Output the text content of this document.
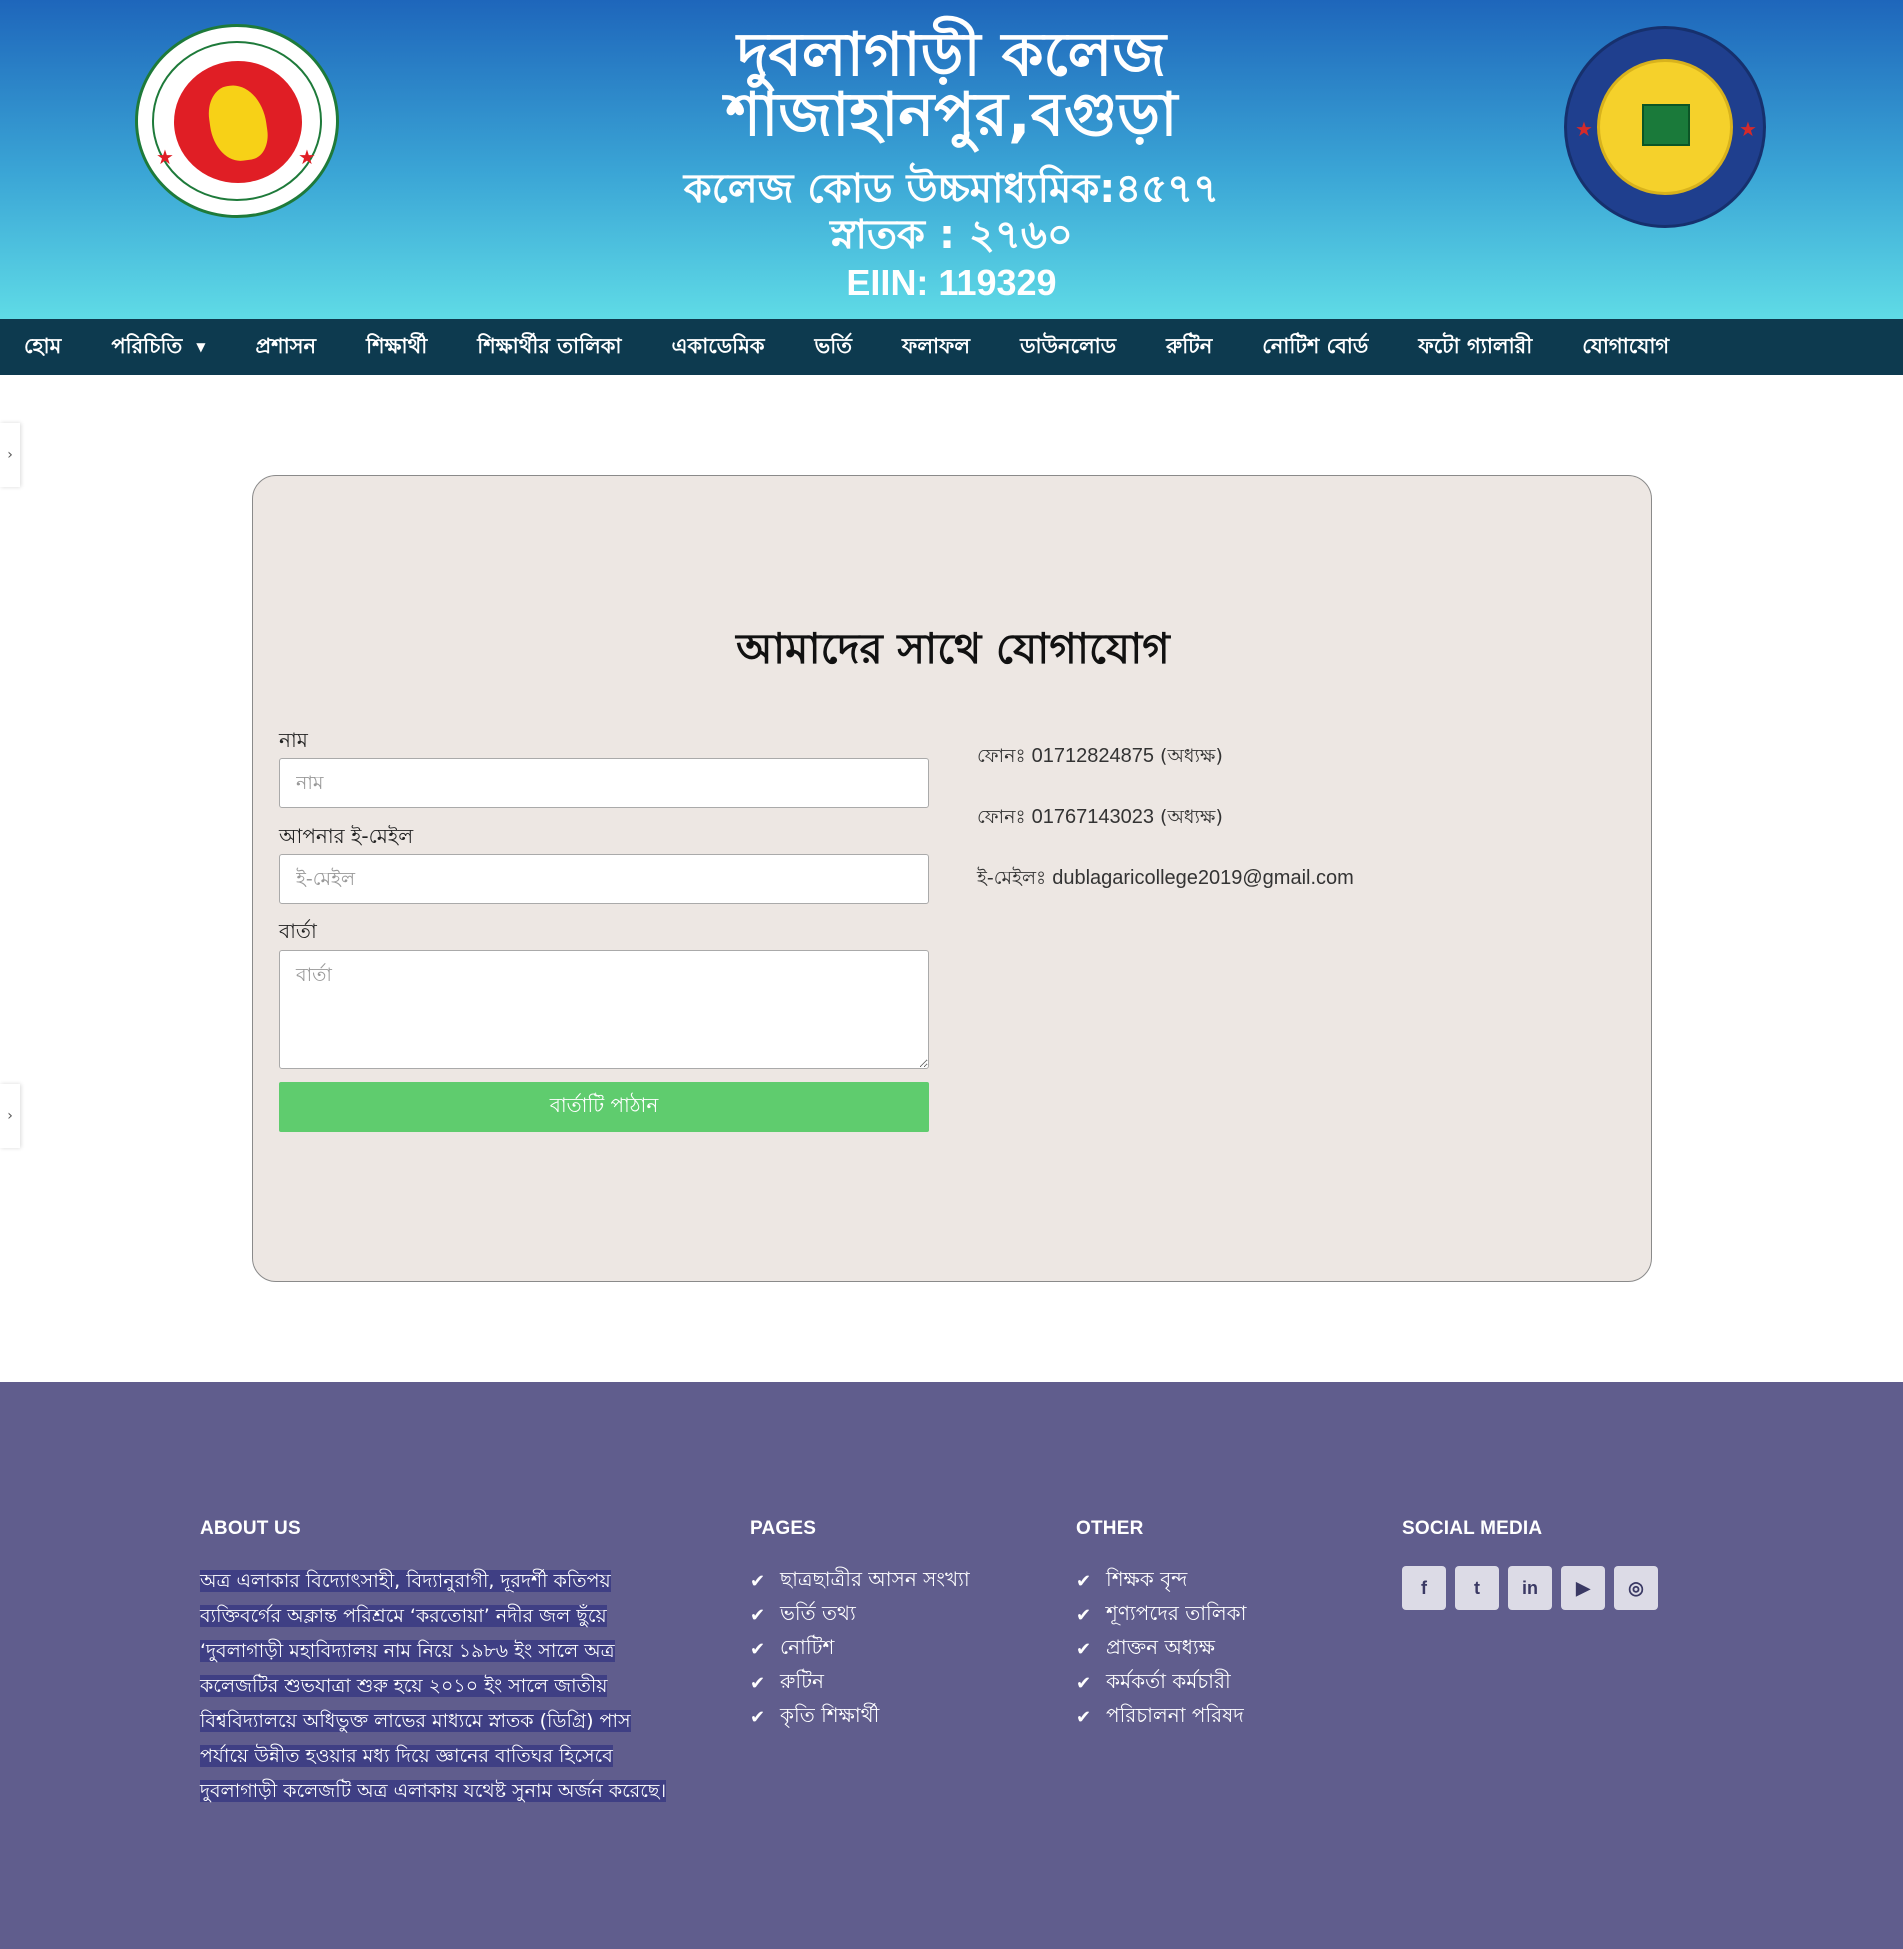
★	★
★	★
দুবলাগাড়ী কলেজ
শাজাহানপুর,বগুড়া
কলেজ কোড উচ্চমাধ্যমিক:৪৫৭৭
স্নাতক : ২৭৬০
EIIN: 119329
হোম পরিচিতি ▼ প্রশাসন শিক্ষার্থী শিক্ষার্থীর তালিকা একাডেমিক ভর্তি ফলাফল ডাউনলোড রুটিন নোটিশ বোর্ড ফটো গ্যালারী যোগাযোগ
›
›
আমাদের সাথে যোগাযোগ
নাম
নাম
আপনার ই-মেইল
ই-মেইল
বার্তা
বার্তা
বার্তাটি পাঠান
ফোনঃ 01712824875 (অধ্যক্ষ)
ফোনঃ 01767143023 (অধ্যক্ষ)
ই-মেইলঃ dublagaricollege2019@gmail.com
ABOUT US
অত্র এলাকার বিদ্যোৎসাহী, বিদ্যানুরাগী, দূরদর্শী কতিপয়
ব্যক্তিবর্গের অক্লান্ত পরিশ্রমে ‘করতোয়া’ নদীর জল ছুঁয়ে
‘দুবলাগাড়ী মহাবিদ্যালয় নাম নিয়ে ১৯৮৬ ইং সালে অত্র
কলেজটির শুভযাত্রা শুরু হয়ে ২০১০ ইং সালে জাতীয়
বিশ্ববিদ্যালয়ে অধিভুক্ত লাভের মাধ্যমে স্নাতক (ডিগ্রি) পাস
পর্যায়ে উন্নীত হওয়ার মধ্য দিয়ে জ্ঞানের বাতিঘর হিসেবে
দুবলাগাড়ী কলেজটি অত্র এলাকায় যথেষ্ট সুনাম অর্জন করেছে।
PAGES
✔ ছাত্রছাত্রীর আসন সংখ্যা
✔ ভর্তি তথ্য
✔ নোটিশ
✔ রুটিন
✔ কৃতি শিক্ষার্থী
OTHER
✔ শিক্ষক বৃন্দ
✔ শূণ্যপদের তালিকা
✔ প্রাক্তন অধ্যক্ষ
✔ কর্মকর্তা কর্মচারী
✔ পরিচালনা পরিষদ
SOCIAL MEDIA
f	t	in	▶	◎
